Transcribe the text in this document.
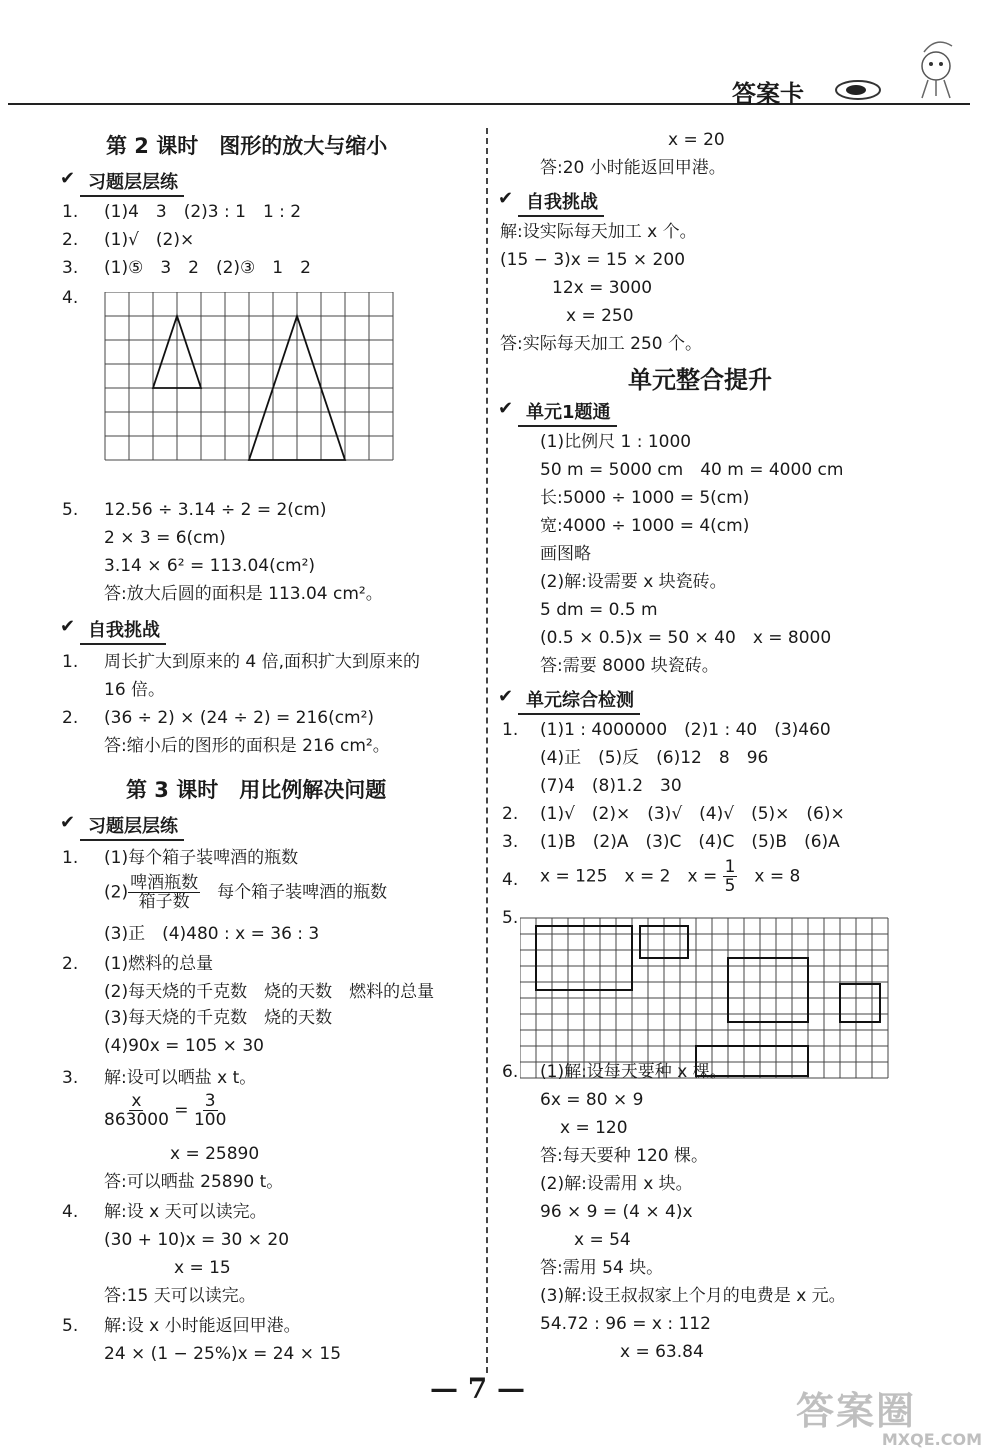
答案卡
第 2 课时　图形的放大与缩小
✔ 习题层层练
1. (1)4　3　(2)3 : 1　1 : 2
2. (1)√　(2)×
3. (1)⑤　3　2　(2)③　1　2
4.
5. 12.56 ÷ 3.14 ÷ 2 = 2(cm)
2 × 3 = 6(cm)
3.14 × 6² = 113.04(cm²)
答:放大后圆的面积是 113.04 cm²。
✔ 自我挑战
1. 周长扩大到原来的 4 倍,面积扩大到原来的
16 倍。
2. (36 ÷ 2) × (24 ÷ 2) = 216(cm²)
答:缩小后的图形的面积是 216 cm²。
第 3 课时　用比例解决问题
✔ 习题层层练
1. (1)每个箱子装啤酒的瓶数
$(2) \frac{\text{啤酒瓶数}}{\text{箱子数}}$
　 每个箱子装啤酒的瓶数
(3)正　(4)480 : x = 36 : 3
2. (1)燃料的总量
(2)每天烧的千克数　烧的天数　燃料的总量
(3)每天烧的千克数　烧的天数
(4)90x = 105 × 30
3. 解:设可以晒盐 x t。
$\frac{x}{863000} = \frac{3}{100}$
x = 25890
答:可以晒盐 25890 t。
4. 解:设 x 天可以读完。
(30 + 10)x = 30 × 20
x = 15
答:15 天可以读完。
5. 解:设 x 小时能返回甲港。
24 × (1 − 25%)x = 24 × 15
x = 20
答:20 小时能返回甲港。
✔ 自我挑战
解:设实际每天加工 x 个。
(15 − 3)x = 15 × 200
12x = 3000
x = 250
答:实际每天加工 250 个。
单元整合提升
✔ 单元1题通
(1)比例尺 1 : 1000
50 m = 5000 cm　40 m = 4000 cm
长:5000 ÷ 1000 = 5(cm)
宽:4000 ÷ 1000 = 4(cm)
画图略
(2)解:设需要 x 块瓷砖。
5 dm = 0.5 m
(0.5 × 0.5)x = 50 × 40　x = 8000
答:需要 8000 块瓷砖。
✔ 单元综合检测
1. (1)1 : 4000000　(2)1 : 40　(3)460
(4)正　(5)反　(6)12　8　96
(7)4　(8)1.2　30
2. (1)√　(2)×　(3)√　(4)√　(5)×　(6)×
3. (1)B　(2)A　(3)C　(4)C　(5)B　(6)A
4. x = 125　x = 2　$x = \frac{1}{5}$ 　x = 8
5.
6. (1)解:设每天要种 x 棵。
6x = 80 × 9
x = 120
答:每天要种 120 棵。
(2)解:设需用 x 块。
96 × 9 = (4 × 4)x
x = 54
答:需用 54 块。
(3)解:设王叔叔家上个月的电费是 x 元。
54.72 : 96 = x : 112
x = 63.84
— 7 —
答案圈
MXQE.COM
